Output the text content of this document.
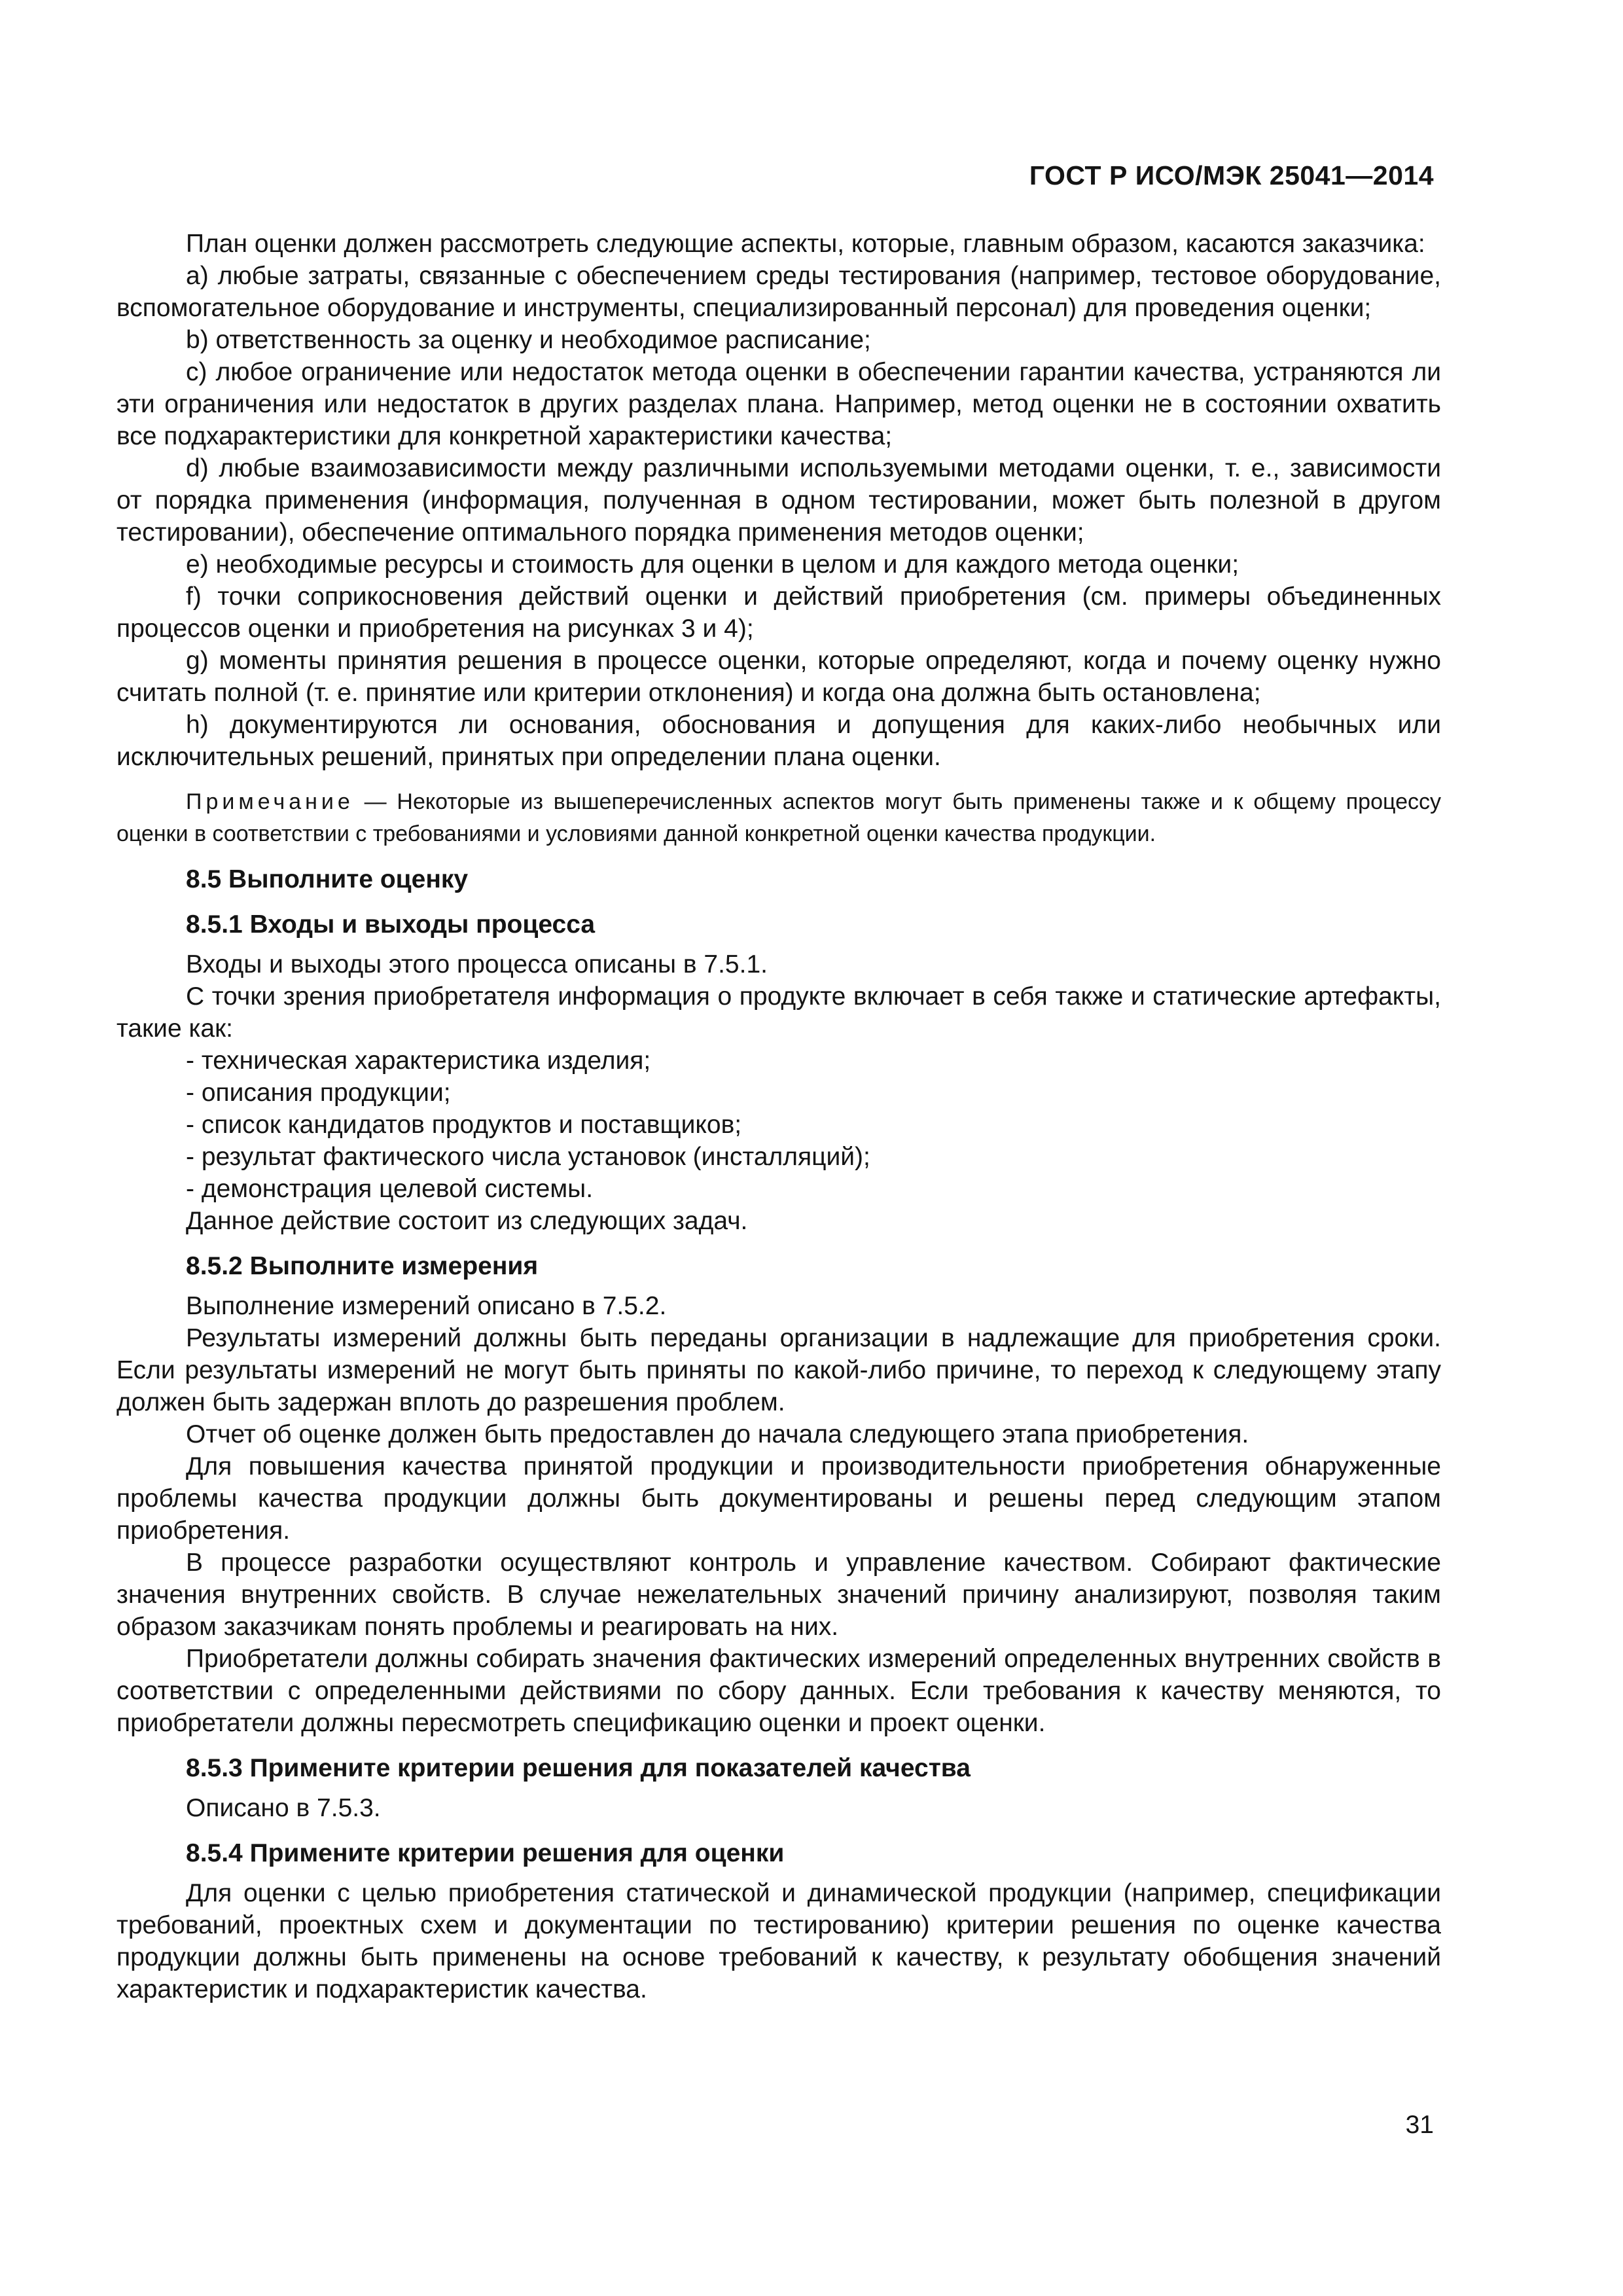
ГОСТ Р ИСО/МЭК 25041—2014

План оценки должен рассмотреть следующие аспекты, которые, главным образом, касаются заказчика:

a) любые затраты, связанные с обеспечением среды тестирования (например, тестовое оборудование, вспомогательное оборудование и инструменты, специализированный персонал) для проведения оценки;

b) ответственность за оценку и необходимое расписание;

c) любое ограничение или недостаток метода оценки в обеспечении гарантии качества, устраняются ли эти ограничения или недостаток в других разделах плана. Например, метод оценки не в состоянии охватить все подхарактеристики для конкретной характеристики качества;

d) любые взаимозависимости между различными используемыми методами оценки, т. е., зависимости от порядка применения (информация, полученная в одном тестировании, может быть полезной в другом тестировании), обеспечение оптимального порядка применения методов оценки;

e) необходимые ресурсы и стоимость для оценки в целом и для каждого метода оценки;

f) точки соприкосновения действий оценки и действий приобретения (см. примеры объединенных процессов оценки и приобретения на рисунках 3 и 4);

g) моменты принятия решения в процессе оценки, которые определяют, когда и почему оценку нужно считать полной (т. е. принятие или критерии отклонения) и когда она должна быть остановлена;

h) документируются ли основания, обоснования и допущения для каких-либо необычных или исключительных решений, принятых при определении плана оценки.

Примечание — Некоторые из вышеперечисленных аспектов могут быть применены также и к общему процессу оценки в соответствии с требованиями и условиями данной конкретной оценки качества продукции.

8.5 Выполните оценку
8.5.1 Входы и выходы процесса

Входы и выходы этого процесса описаны в 7.5.1.

С точки зрения приобретателя информация о продукте включает в себя также и статические артефакты, такие как:

- техническая характеристика изделия;

- описания продукции;

- список кандидатов продуктов и поставщиков;

- результат фактического числа установок (инсталляций);

- демонстрация целевой системы.

Данное действие состоит из следующих задач.

8.5.2 Выполните измерения

Выполнение измерений описано в 7.5.2.

Результаты измерений должны быть переданы организации в надлежащие для приобретения сроки. Если результаты измерений не могут быть приняты по какой-либо причине, то переход к следующему этапу должен быть задержан вплоть до разрешения проблем.

Отчет об оценке должен быть предоставлен до начала следующего этапа приобретения.

Для повышения качества принятой продукции и производительности приобретения обнаруженные проблемы качества продукции должны быть документированы и решены перед следующим этапом приобретения.

В процессе разработки осуществляют контроль и управление качеством. Собирают фактические значения внутренних свойств. В случае нежелательных значений причину анализируют, позволяя таким образом заказчикам понять проблемы и реагировать на них.

Приобретатели должны собирать значения фактических измерений определенных внутренних свойств в соответствии с определенными действиями по сбору данных. Если требования к качеству меняются, то приобретатели должны пересмотреть спецификацию оценки и проект оценки.

8.5.3 Примените критерии решения для показателей качества

Описано в 7.5.3.

8.5.4 Примените критерии решения для оценки

Для оценки с целью приобретения статической и динамической продукции (например, спецификации требований, проектных схем и документации по тестированию) критерии решения по оценке качества продукции должны быть применены на основе требований к качеству, к результату обобщения значений характеристик и подхарактеристик качества.

31
